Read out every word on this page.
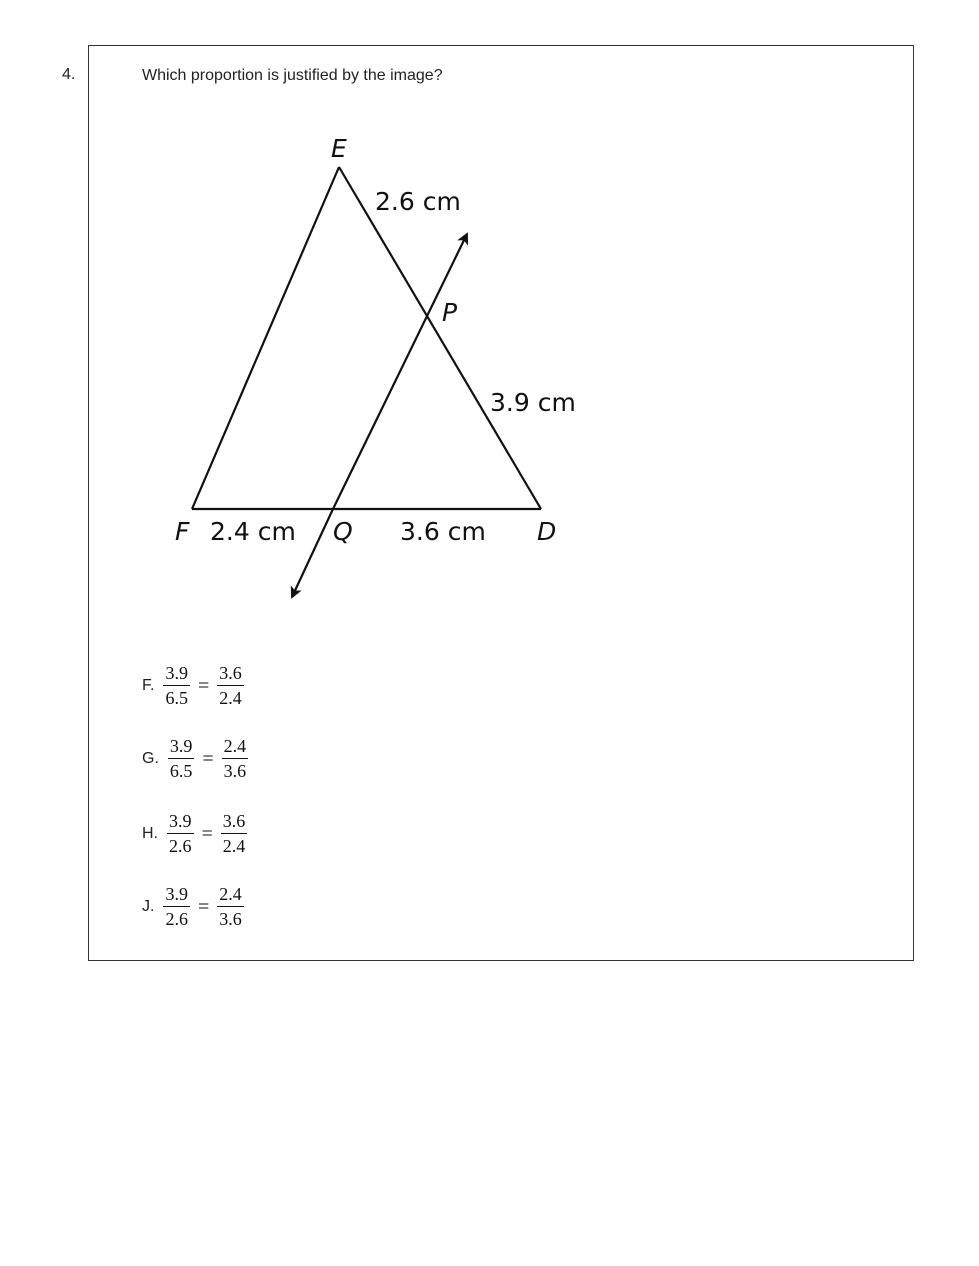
4.	Which proportion is justified by the image?
E
P
F	Q	D
2.6 cm
3.9 cm
2.4 cm	3.6 cm
F. $\frac{3.9}{6.5} = \frac{3.6}{2.4}$
G. $\frac{3.9}{6.5} = \frac{2.4}{3.6}$
H. $\frac{3.9}{2.6} = \frac{3.6}{2.4}$
J. $\frac{3.9}{2.6} = \frac{2.4}{3.6}$
